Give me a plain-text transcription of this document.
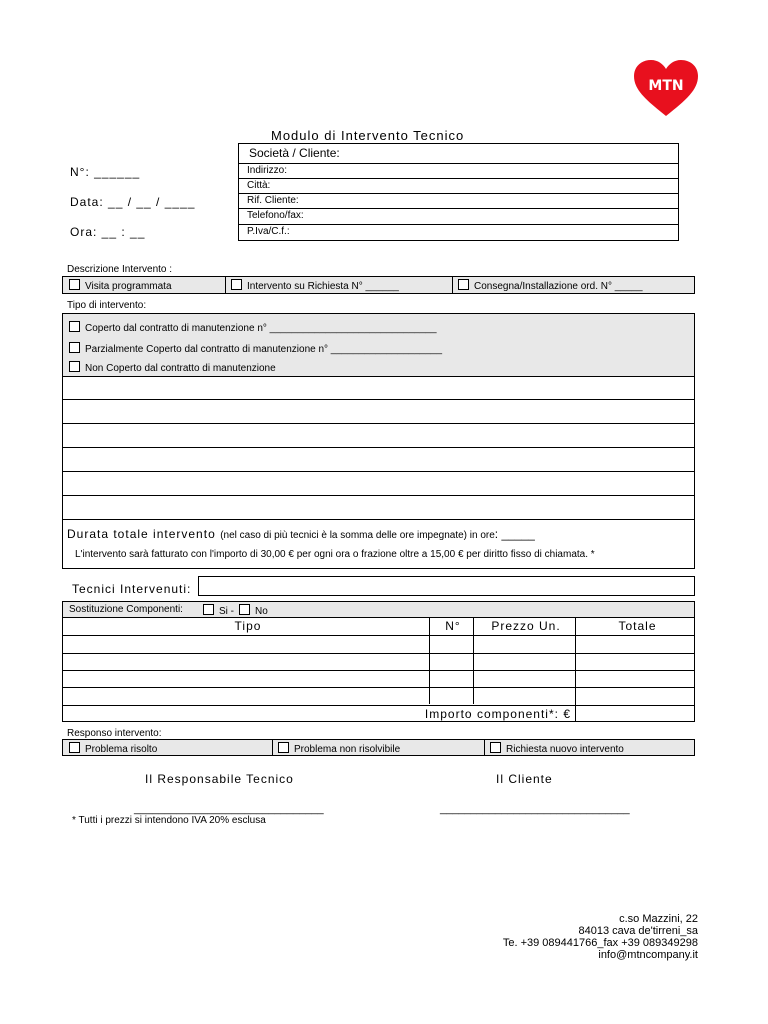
MTN
Modulo di Intervento Tecnico
N°: ______
Data: __ / __ / ____
Ora: __ : __
Società / Cliente:
Indirizzo:
Città:
Rif. Cliente:
Telefono/fax:
P.Iva/C.f.:
Descrizione Intervento :
Visita programmata	Intervento su Richiesta N° ______	Consegna/Installazione ord. N° _____
Tipo di intervento:
Coperto dal contratto di manutenzione n° ______________________________
Parzialmente Coperto dal contratto di manutenzione n° ____________________
Non Coperto dal contratto di manutenzione
Durata totale intervento (nel caso di più tecnici è la somma delle ore impegnate) in ore: _____
L'intervento sarà fatturato con l'importo di 30,00 € per ogni ora o frazione oltre a 15,00 € per diritto fisso di chiamata. *
Tecnici Intervenuti:
Sostituzione Componenti:	Si -	No
Tipo	N°	Prezzo Un.	Totale
Importo componenti*: €
Responso intervento:
Problema risolto	Problema non risolvibile	Richiesta nuovo intervento
Il Responsabile Tecnico	Il Cliente
_______________________________	_______________________________
* Tutti i prezzi si intendono IVA 20% esclusa
c.so Mazzini, 22
84013 cava de'tirreni_sa
Te. +39 089441766_fax +39 089349298
info@mtncompany.it
